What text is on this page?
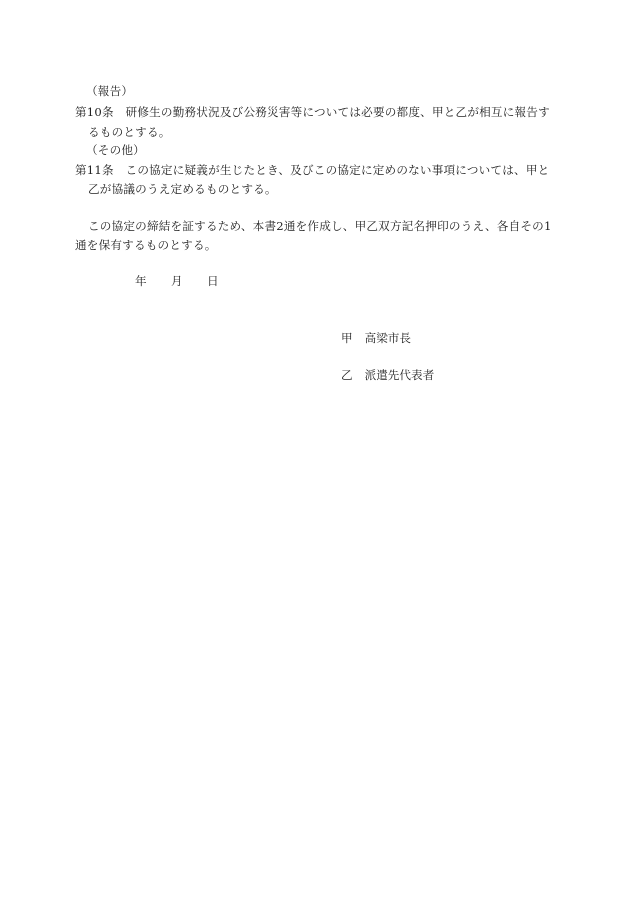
（報告）
第10条　研修生の勤務状況及び公務災害等については必要の都度、甲と乙が相互に報告す
るものとする。
（その他）
第11条　この協定に疑義が生じたとき、及びこの協定に定めのない事項については、甲と
乙が協議のうえ定めるものとする。
この協定の締結を証するため、本書2通を作成し、甲乙双方記名押印のうえ、各自その1
通を保有するものとする。
年 月 日
甲 高梁市長
乙 派遣先代表者
